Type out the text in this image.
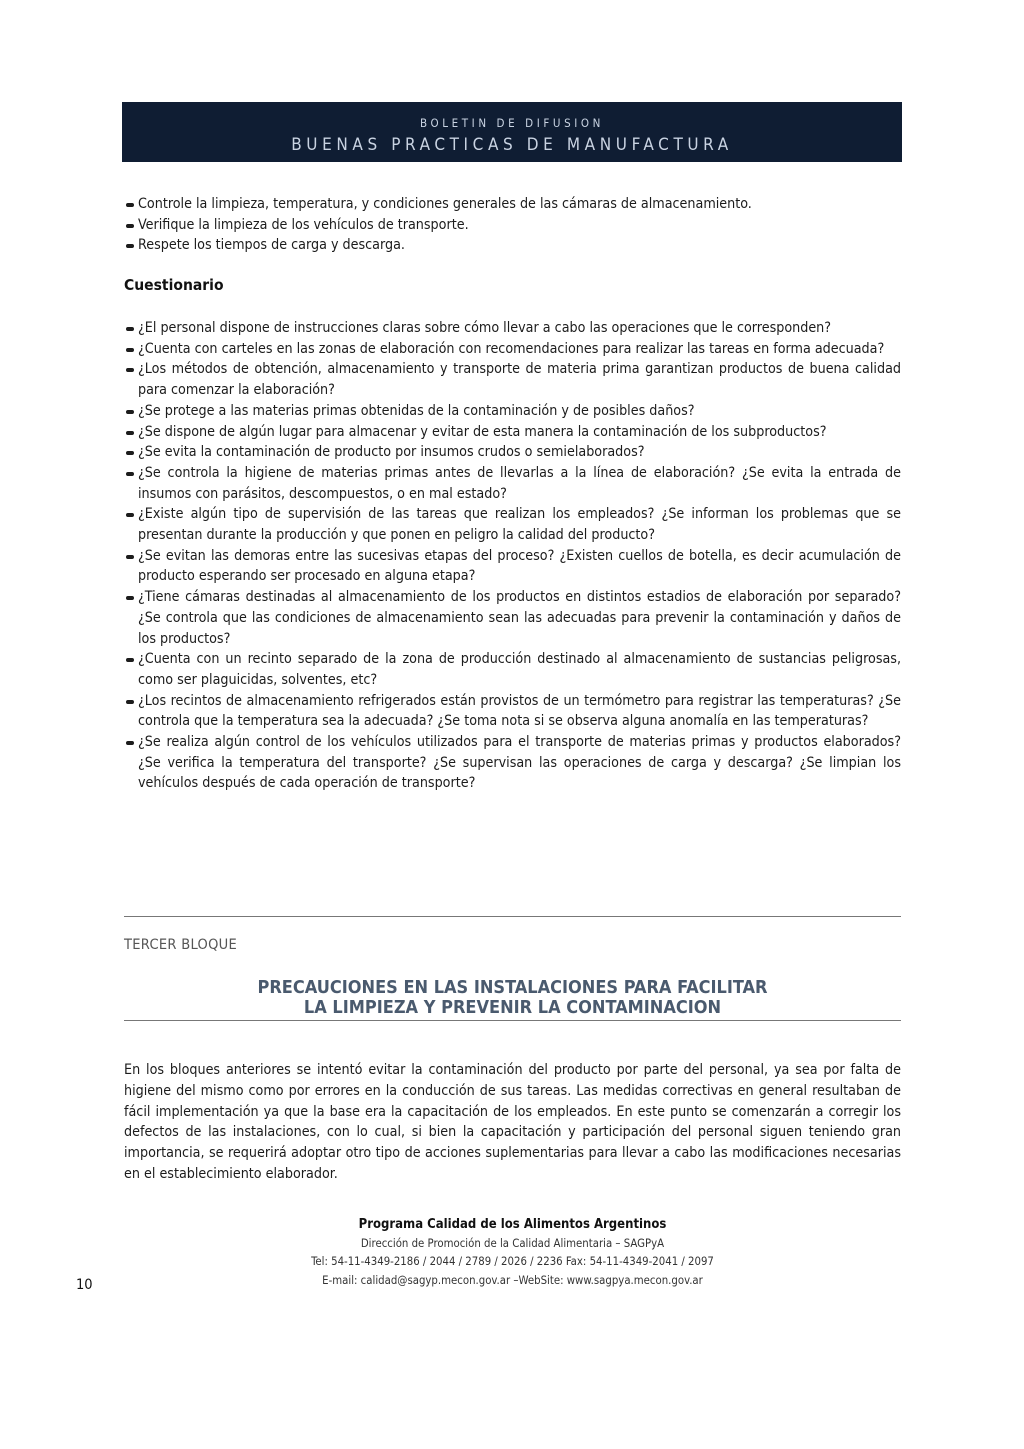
BOLETIN DE DIFUSION
BUENAS PRACTICAS DE MANUFACTURA
Controle la limpieza, temperatura, y condiciones generales de las cámaras de almacenamiento.
Verifique la limpieza de los vehículos de transporte.
Respete los tiempos de carga y descarga.
Cuestionario
¿El personal dispone de instrucciones claras sobre cómo llevar a cabo las operaciones que le corresponden?
¿Cuenta con carteles en las zonas de elaboración con recomendaciones para realizar las tareas en forma adecuada?
¿Los métodos de obtención, almacenamiento y transporte de materia prima garantizan productos de buena calidad para comenzar la elaboración?
¿Se protege a las materias primas obtenidas de la contaminación y de posibles daños?
¿Se dispone de algún lugar para almacenar y evitar de esta manera la contaminación de los subproductos?
¿Se evita la contaminación de producto por insumos crudos o semielaborados?
¿Se controla la higiene de materias primas antes de llevarlas a la línea de elaboración? ¿Se evita la entrada de insumos con parásitos, descompuestos, o en mal estado?
¿Existe algún tipo de supervisión de las tareas que realizan los empleados? ¿Se informan los problemas que se presentan durante la producción y que ponen en peligro la calidad del producto?
¿Se evitan las demoras entre las sucesivas etapas del proceso? ¿Existen cuellos de botella, es decir acumulación de producto esperando ser procesado en alguna etapa?
¿Tiene cámaras destinadas al almacenamiento de los productos en distintos estadios de elaboración por separado? ¿Se controla que las condiciones de almacenamiento sean las adecuadas para prevenir la contaminación y daños de los productos?
¿Cuenta con un recinto separado de la zona de producción destinado al almacenamiento de sustancias peligrosas, como ser plaguicidas, solventes, etc?
¿Los recintos de almacenamiento refrigerados están provistos de un termómetro para registrar las temperaturas? ¿Se controla que la temperatura sea la adecuada? ¿Se toma nota si se observa alguna anomalía en las temperaturas?
¿Se realiza algún control de los vehículos utilizados para el transporte de materias primas y productos elaborados? ¿Se verifica la temperatura del transporte? ¿Se supervisan las operaciones de carga y descarga? ¿Se limpian los vehículos después de cada operación de transporte?
TERCER BLOQUE
PRECAUCIONES EN LAS INSTALACIONES PARA FACILITAR
LA LIMPIEZA Y PREVENIR LA CONTAMINACION

En los bloques anteriores se intentó evitar la contaminación del producto por parte del personal, ya sea por falta de higiene del mismo como por errores en la conducción de sus tareas. Las medidas correctivas en general resultaban de fácil implementación ya que la base era la capacitación de los empleados. En este punto se comenzarán a corregir los defectos de las instalaciones, con lo cual, si bien la capacitación y participación del personal siguen teniendo gran importancia, se requerirá adoptar otro tipo de acciones suplementarias para llevar a cabo las modificaciones necesarias en el establecimiento elaborador.

Programa Calidad de los Alimentos Argentinos
Dirección de Promoción de la Calidad Alimentaria – SAGPyA
Tel: 54-11-4349-2186 / 2044 / 2789 / 2026 / 2236 Fax: 54-11-4349-2041 / 2097
E-mail: calidad@sagyp.mecon.gov.ar –WebSite: www.sagpya.mecon.gov.ar
10
